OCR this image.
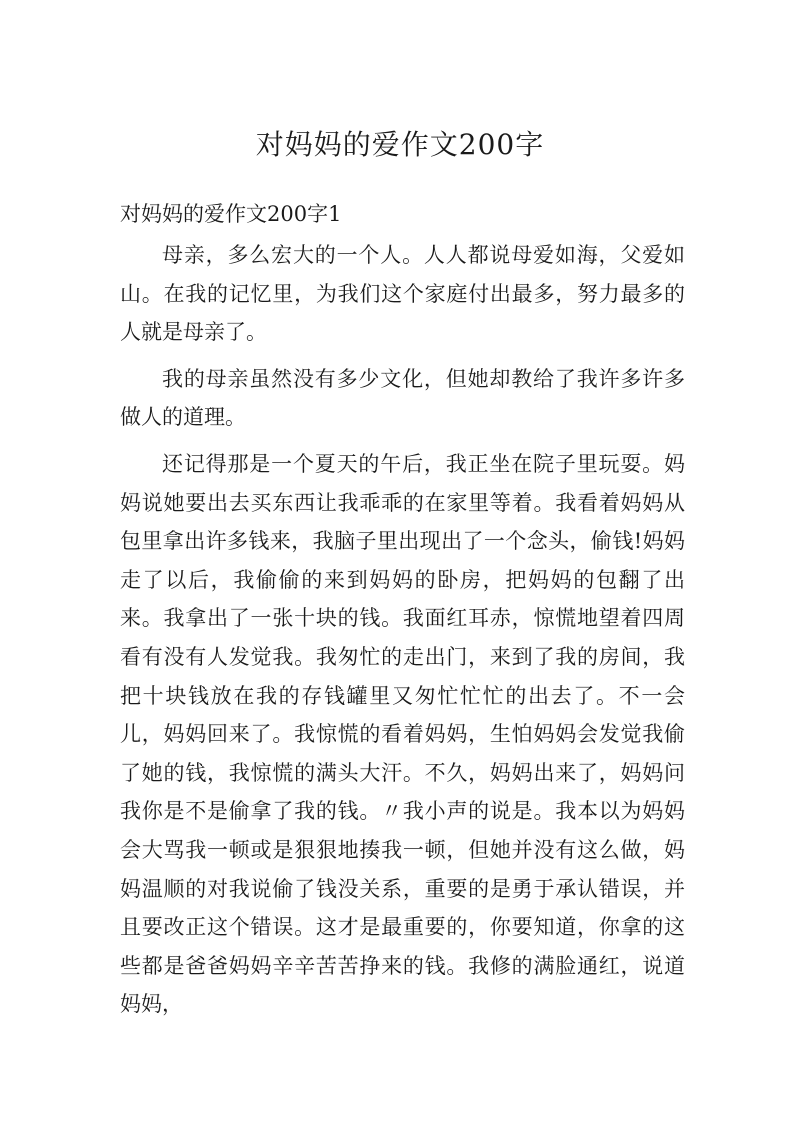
对妈妈的爱作文200字
对妈妈的爱作文200字1

母亲，多么宏大的一个人。人人都说母爱如海，父爱如山。在我的记忆里，为我们这个家庭付出最多，努力最多的人就是母亲了。

我的母亲虽然没有多少文化，但她却教给了我许多许多做人的道理。

还记得那是一个夏天的午后，我正坐在院子里玩耍。妈妈说她要出去买东西让我乖乖的在家里等着。我看着妈妈从包里拿出许多钱来，我脑子里出现出了一个念头，偷钱!妈妈走了以后，我偷偷的来到妈妈的卧房，把妈妈的包翻了出来。我拿出了一张十块的钱。我面红耳赤，惊慌地望着四周看有没有人发觉我。我匆忙的走出门，来到了我的房间，我把十块钱放在我的存钱罐里又匆忙忙忙的出去了。不一会儿，妈妈回来了。我惊慌的看着妈妈，生怕妈妈会发觉我偷了她的钱，我惊慌的满头大汗。不久，妈妈出来了，妈妈问我你是不是偷拿了我的钱。〃我小声的说是。我本以为妈妈会大骂我一顿或是狠狠地揍我一顿，但她并没有这么做，妈妈温顺的对我说偷了钱没关系，重要的是勇于承认错误，并且要改正这个错误。这才是最重要的，你要知道，你拿的这些都是爸爸妈妈辛辛苦苦挣来的钱。我修的满脸通红，说道妈妈，
